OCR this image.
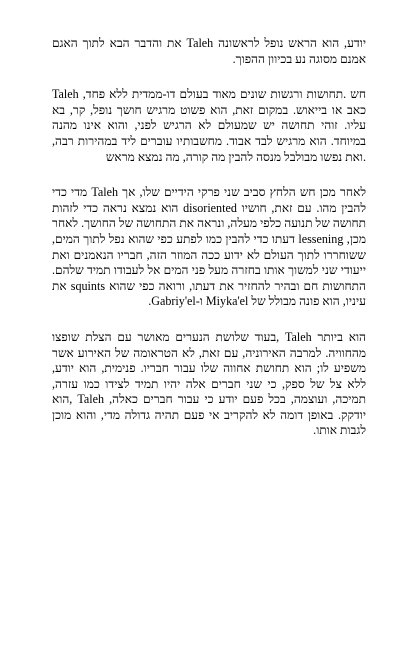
יודע, הוא הראש נופל לראשונה Taleh את והדבר הבא לתוך האגם אמנם מסוגה נע בכיוון ההפוך.

Taleh חש .תחושות ורגשות שונים מאוד בעולם דו-ממדית ללא פחד, כאב או בייאוש. במקום זאת, הוא פשוט מרגיש חושך נופל, קר, בא עליו. זוהי תחושה יש שמעולם לא הרגיש לפני, והוא אינו מהנה במיוחד. הוא מרגיש לבד אבוד. מחשבותיו עוברים ליד במהירות רבה, ואת נפשו מבולבל מנסה להבין מה קורה, מה נמצא מראש.

לאחר מכן חש הלחץ סביב שני פרקי הידיים שלו, אך Taleh מדי כדי להבין מהו. עם זאת, חושיו disoriented הוא נמצא נראה כדי לזהות תחושה של תנועה כלפי מעלה, ונראה את התחושה של החושך. לאחר מכן, lessening דעתו כדי להבין כמו לפתע כפי שהוא נפל לתוך המים, ששוחררו לתוך העולם לא ידוע ככה המוזר הזה, חבריו הנאמנים ואת ייעודי שני למשוך אותו בחזרה מעל פני המים אל לעבודו תמיד שלהם. התחושות חם ובהיר להחזיר את דעתו, ורואה כפי שהוא squints את עיניו, הוא פונה מבולל של Miyka'el ו-Gabriy'el.

הוא ביותר Taleh ,בעוד שלושת הנערים מאושר עם הצלת שופצו מהחוויה. למרבה האירוניה, עם זאת, לא הטראומה של האירוע אשר משפיע לו; הוא תחושת אחווה שלו עבור חבריו. פנימית, הוא יודע, ללא צל של ספק, כי שני חברים אלה יהיו תמיד לצידו כמו עזרה, תמיכה, ועוצמה, בכל פעם יודע כי עבור חברים כאלה, Taleh ,הוא יודקק. באופן דומה לא להקריב אי פעם תהיה גדולה מדי, והוא מוכן לגבות אותו.
